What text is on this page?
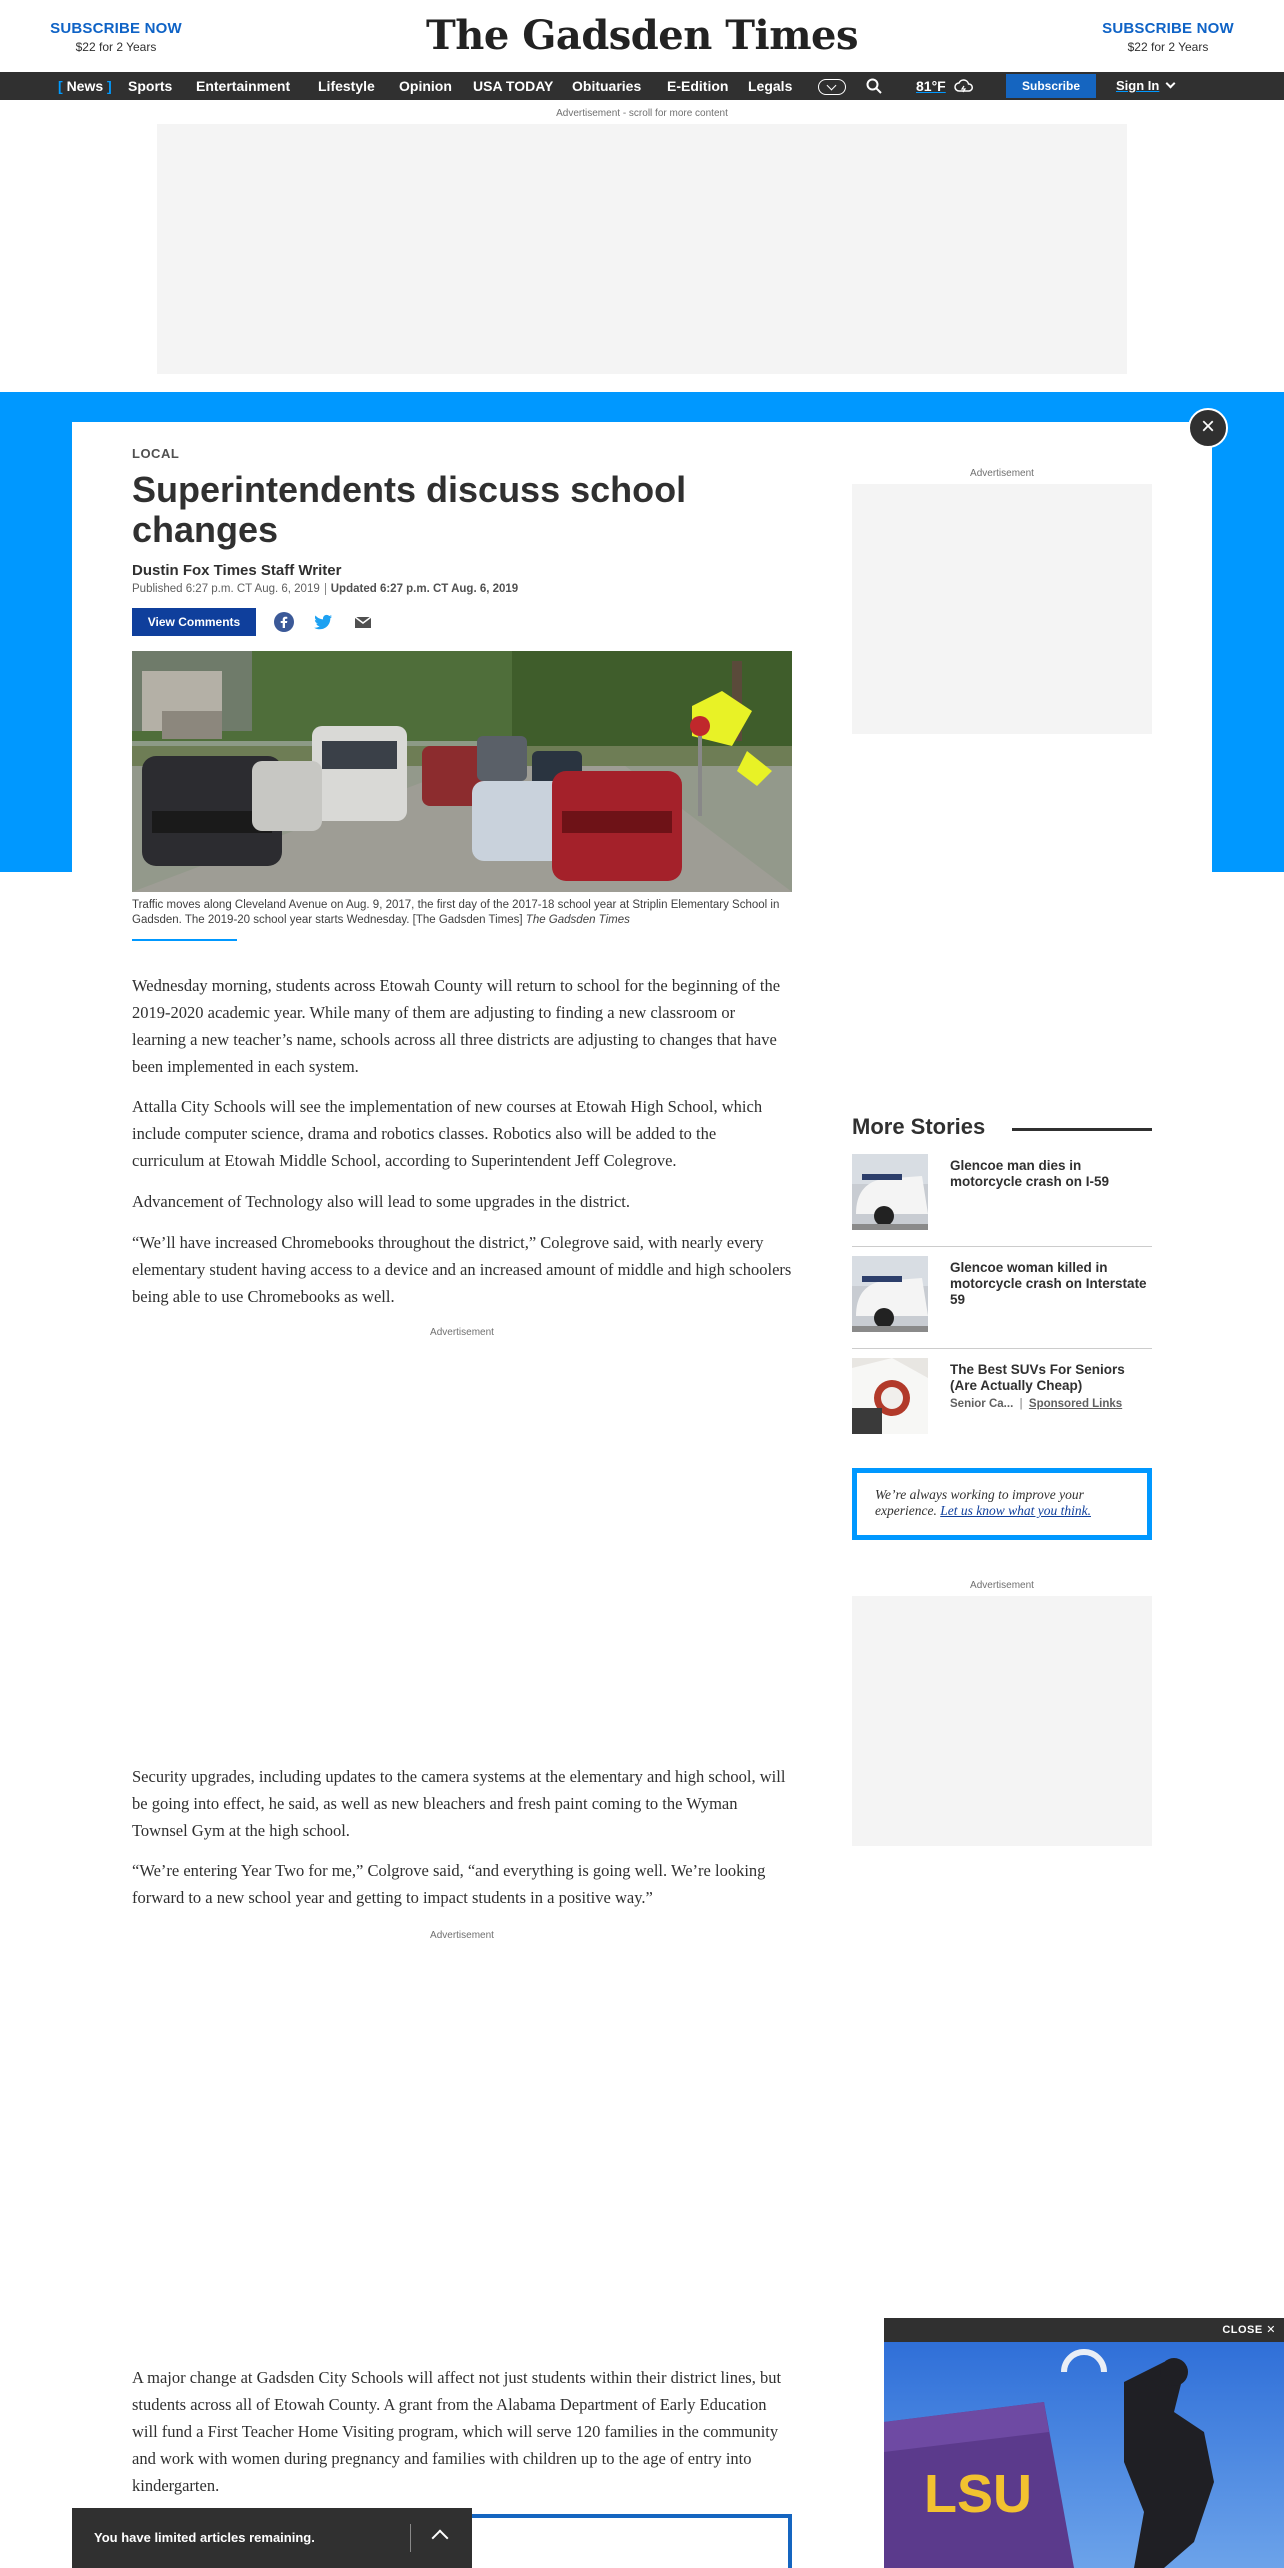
SUBSCRIBE NOW
$22 for 2 Years	The Gadsden Times	SUBSCRIBE NOW
$22 for 2 Years
[ News ] Sports Entertainment Lifestyle Opinion USA TODAY Obituaries E-Edition Legals	81°F	Subscribe	Sign In
Advertisement - scroll for more content
×
LOCAL
Superintendents discuss school changes
Dustin Fox Times Staff Writer
Published 6:27 p.m. CT Aug. 6, 2019 Updated 6:27 p.m. CT Aug. 6, 2019
View Comments
Traffic moves along Cleveland Avenue on Aug. 9, 2017, the first day of the 2017-18 school year at Striplin Elementary School in Gadsden. The 2019-20 school year starts Wednesday. [The Gadsden Times] The Gadsden Times

Wednesday morning, students across Etowah County will return to school for the beginning of the 2019-2020 academic year. While many of them are adjusting to finding a new classroom or learning a new teacher’s name, schools across all three districts are adjusting to changes that have been implemented in each system.

Attalla City Schools will see the implementation of new courses at Etowah High School, which include computer science, drama and robotics classes. Robotics also will be added to the curriculum at Etowah Middle School, according to Superintendent Jeff Colegrove.

Advancement of Technology also will lead to some upgrades in the district.

“We’ll have increased Chromebooks throughout the district,” Colegrove said, with nearly every elementary student having access to a device and an increased amount of middle and high schoolers being able to use Chromebooks as well.

Advertisement

Security upgrades, including updates to the camera systems at the elementary and high school, will be going into effect, he said, as well as new bleachers and fresh paint coming to the Wyman Townsel Gym at the high school.

“We’re entering Year Two for me,” Colgrove said, “and everything is going well. We’re looking forward to a new school year and getting to impact students in a positive way.”

Advertisement

A major change at Gadsden City Schools will affect not just students within their district lines, but students across all of Etowah County. A grant from the Alabama Department of Early Education will fund a First Teacher Home Visiting program, which will serve 120 families in the community and work with women during pregnancy and families with children up to the age of entry into kindergarten.

Advertisement
More Stories
Glencoe man dies in motorcycle crash on I-59
Glencoe woman killed in motorcycle crash on Interstate 59
The Best SUVs For Seniors (Are Actually Cheap)
Senior Ca... | Sponsored Links
We’re always working to improve your experience. Let us know what you think.
Advertisement
CLOSE ✕
LSU
You have limited articles remaining.
